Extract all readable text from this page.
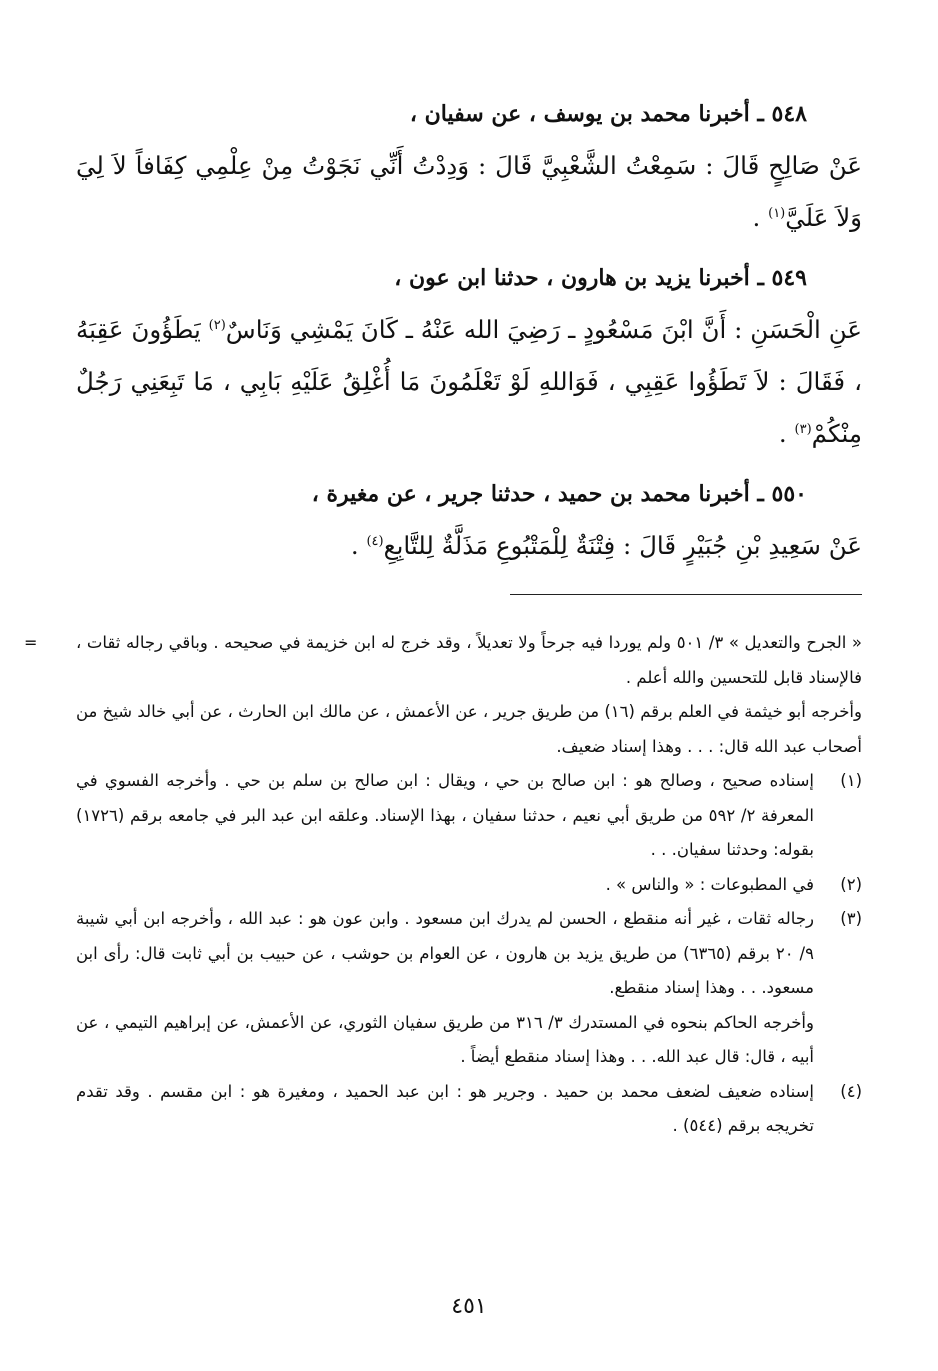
٥٤٨ ـ أخبرنا محمد بن يوسف ، عن سفيان ،

عَنْ صَالِحٍ قَالَ : سَمِعْتُ الشَّعْبِيَّ قَالَ : وَدِدْتُ أَنِّي نَجَوْتُ مِنْ عِلْمِي كِفَافاً لاَ لِيَ وَلاَ عَلَيَّ$^{(١)}$ .

٥٤٩ ـ أخبرنا يزيد بن هارون ، حدثنا ابن عون ،

عَنِ الْحَسَنِ : أَنَّ ابْنَ مَسْعُودٍ ـ رَضِيَ الله عَنْهُ ـ كَانَ يَمْشِي وَنَاسٌ$^{(٢)}$ يَطَؤُونَ عَقِبَهُ ، فَقَالَ : لاَ تَطَؤُوا عَقِبِي ، فَوَاللهِ لَوْ تَعْلَمُونَ مَا أُغْلِقُ عَلَيْهِ بَابِي ، مَا تَبِعَنِي رَجُلٌ مِنْكُمْ$^{(٣)}$ .

٥٥٠ ـ أخبرنا محمد بن حميد ، حدثنا جرير ، عن مغيرة ،

عَنْ سَعِيدِ بْنِ جُبَيْرٍ قَالَ : فِتْنَةٌ لِلْمَتْبُوعِ مَذَلَّةٌ لِلتَّابِعِ$^{(٤)}$ .

« الجرح والتعديل » ٣/ ٥٠١ ولم يوردا فيه جرحاً ولا تعديلاً ، وقد خرج له ابن خزيمة في صحيحه . وباقي رجاله ثقات ، فالإسناد قابل للتحسين والله أعلم .

وأخرجه أبو خيثمة في العلم برقم (١٦) من طريق جرير ، عن الأعمش ، عن مالك ابن الحارث ، عن أبي خالد شيخ من أصحاب عبد الله قال: . . . وهذا إسناد ضعيف.

=
(١)

إسناده صحيح ، وصالح هو : ابن صالح بن حي ، ويقال : ابن صالح بن سلم بن حي . وأخرجه الفسوي في المعرفة ٢/ ٥٩٢ من طريق أبي نعيم ، حدثنا سفيان ، بهذا الإسناد. وعلقه ابن عبد البر في جامعه برقم (١٧٢٦) بقوله: وحدثنا سفيان. . .

(٢)

في المطبوعات : « والناس » .

(٣)

رجاله ثقات ، غير أنه منقطع ، الحسن لم يدرك ابن مسعود . وابن عون هو : عبد الله ، وأخرجه ابن أبي شيبة ٩/ ٢٠ برقم (٦٣٦٥) من طريق يزيد بن هارون ، عن العوام بن حوشب ، عن حبيب بن أبي ثابت قال: رأى ابن مسعود. . . وهذا إسناد منقطع.

وأخرجه الحاكم بنحوه في المستدرك ٣/ ٣١٦ من طريق سفيان الثوري، عن الأعمش، عن إبراهيم التيمي ، عن أبيه ، قال: قال عبد الله. . . وهذا إسناد منقطع أيضاً .

(٤)

إسناده ضعيف لضعف محمد بن حميد . وجرير هو : ابن عبد الحميد ، ومغيرة هو : ابن مقسم . وقد تقدم تخريجه برقم (٥٤٤) .

٤٥١
